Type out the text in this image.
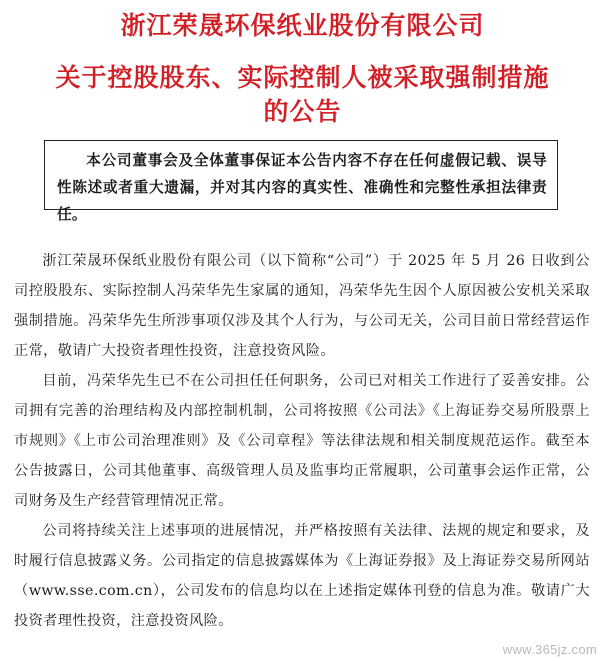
浙江荣晟环保纸业股份有限公司
关于控股股东、实际控制人被采取强制措施
的公告
本公司董事会及全体董事保证本公告内容不存在任何虚假记载、误导性陈述或者重大遗漏，并对其内容的真实性、准确性和完整性承担法律责任。

浙江荣晟环保纸业股份有限公司（以下简称“公司”）于 2025 年 5 月 26 日收到公司控股股东、实际控制人冯荣华先生家属的通知，冯荣华先生因个人原因被公安机关采取强制措施。冯荣华先生所涉事项仅涉及其个人行为，与公司无关，公司目前日常经营运作正常，敬请广大投资者理性投资，注意投资风险。

目前，冯荣华先生已不在公司担任任何职务，公司已对相关工作进行了妥善安排。公司拥有完善的治理结构及内部控制机制，公司将按照《公司法》《上海证券交易所股票上市规则》《上市公司治理准则》及《公司章程》等法律法规和相关制度规范运作。截至本公告披露日，公司其他董事、高级管理人员及监事均正常履职，公司董事会运作正常，公司财务及生产经营管理情况正常。

公司将持续关注上述事项的进展情况，并严格按照有关法律、法规的规定和要求，及时履行信息披露义务。公司指定的信息披露媒体为《上海证券报》及上海证券交易所网站（www.sse.com.cn），公司发布的信息均以在上述指定媒体刊登的信息为准。敬请广大投资者理性投资，注意投资风险。

www.365jz.com
